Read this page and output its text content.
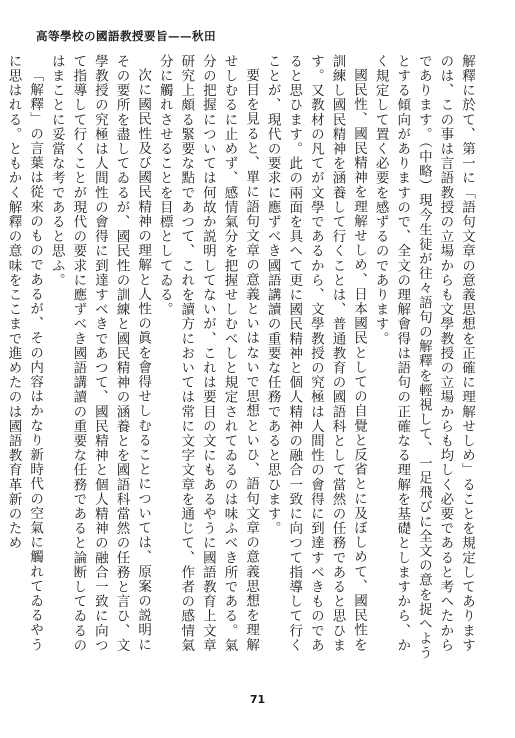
高等學校の國語教授要旨——秋田

解釋に於て、第一に「語句文章の意義思想を正確に理解せしめ」ることを規定してありますのは、この事は言語教授の立場からも文學教授の立場からも均しく必要であると考へたからであります。（中略）現今生徒が往々語句の解釋を輕視して、一足飛びに全文の意を捉へようとする傾向がありますので、全文の理解會得は語句の正確なる理解を基礎としますから、かく規定して置く必要を感ずるのであります。

國民性、國民精神を理解せしめ、日本國民としての自覺と反省とに及ぼしめて、國民性を訓練し國民精神を涵養して行くことは、普通教育の國語科として當然の任務であると思ひます。又教材の凡てが文學であるから、文學教授の究極は人間性の會得に到達すべきものであると思ひます。此の兩面を具へて更に國民精神と個人精神の融合一致に向つて指導して行くことが、現代の要求に應ずべき國語講讀の重要な任務であると思ひます。

要目を見ると、單に語句文章の意義といはないで思想といひ、語句文章の意義思想を理解せしむるに止めず、感情氣分を把握せしむべしと規定されてゐるのは味ふべき所である。氣分の把握については何故か説明してないが、これは要目の文にもあるやうに國語教育上文章研究上頗る緊要な點であつて、これを讀方においては常に文字文章を通じて、作者の感情氣分に觸れさせることを目標としてゐる。

次に國民性及び國民精神の理解と人性の眞を會得せしむることについては、原案の説明にその要所を盡してゐるが、國民性の訓練と國民精神の涵養とを國語科當然の任務と言ひ、文學教授の究極は人間性の會得に到達すべきであつて、國民精神と個人精神の融合一致に向つて指導して行くことが現代の要求に應ずべき國語講讀の重要な任務であると論断してゐるのはまことに妥當な考であると思ふ。

「解釋」の言葉は從來のものであるが、その内容はかなり新時代の空氣に觸れてゐるやうに思はれる。ともかく解釋の意味をここまで進めたのは國語教育革新のため

71
